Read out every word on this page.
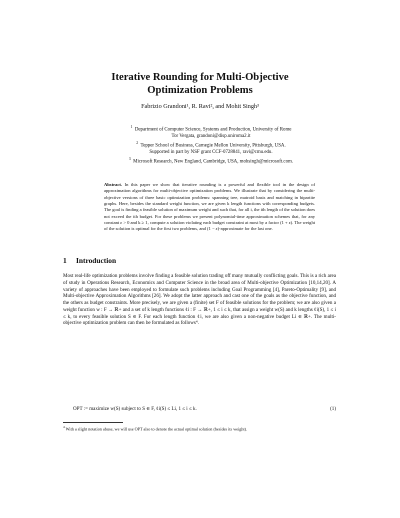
Iterative Rounding for Multi-Objective
Optimization Problems
Fabrizio Grandoni¹, R. Ravi², and Mohit Singh³
$^1$  Department of Computer Science, Systems and Production, University of Rome
Tor Vergata, grandoni@disp.uniroma2.it
$^2$  Tepper School of Business, Carnegie Mellon University, Pittsburgh, USA.
Supported in part by NSF grant CCF-0728841, ravi@cmu.edu.
$^3$  Microsoft Research, New England, Cambridge, USA, mohsingh@microsoft.com.
Abstract. In this paper we show that iterative rounding is a powerful and flexible tool in the design of approximation algorithms for multi-objective optimization problems. We illustrate that by considering the multi-objective versions of three basic optimization problems: spanning tree, matroid basis and matching in bipartite graphs. Here, besides the standard weight function, we are given k length functions with corresponding budgets. The goal is finding a feasible solution of maximum weight and such that, for all i, the ith length of the solution does not exceed the ith budget. For these problems we present polynomial-time approximation schemes that, for any constant ε > 0 and k ≥ 1, compute a solution violating each budget constraint at most by a factor (1 + ε). The weight of the solution is optimal for the first two problems, and (1 − ε)-approximate for the last one.
1 Introduction

Most real-life optimization problems involve finding a feasible solution trading off many mutually conflicting goals. This is a rich area of study in Operations Research, Economics and Computer Science in the broad area of Multi-objective Optimization [10,14,20]. A variety of approaches have been employed to formulate such problems including Goal Programming [4], Pareto-Optimality [9], and Multi-objective Approximation Algorithms [26]. We adopt the latter approach and cast one of the goals as the objective function, and the others as budget constraints. More precisely, we are given a (finite) set F of feasible solutions for the problem; we are also given a weight function w : F → ℝ+ and a set of k length functions ℓi : F → ℝ+, 1 ≤ i ≤ k, that assign a weight w(S) and k lengths ℓi(S), 1 ≤ i ≤ k, to every feasible solution S ∈ F. For each length function ℓi, we are also given a non-negative budget Li ∈ ℝ+. The multi-objective optimization problem can then be formulated as follows⁴.

OPT := maximize w(S) subject to S ∈ F, ℓi(S) ≤ Li, 1 ≤ i ≤ k.	(1)
$^4$ With a slight notation abuse, we will use OPT also to denote the actual optimal solution (besides its weight).
